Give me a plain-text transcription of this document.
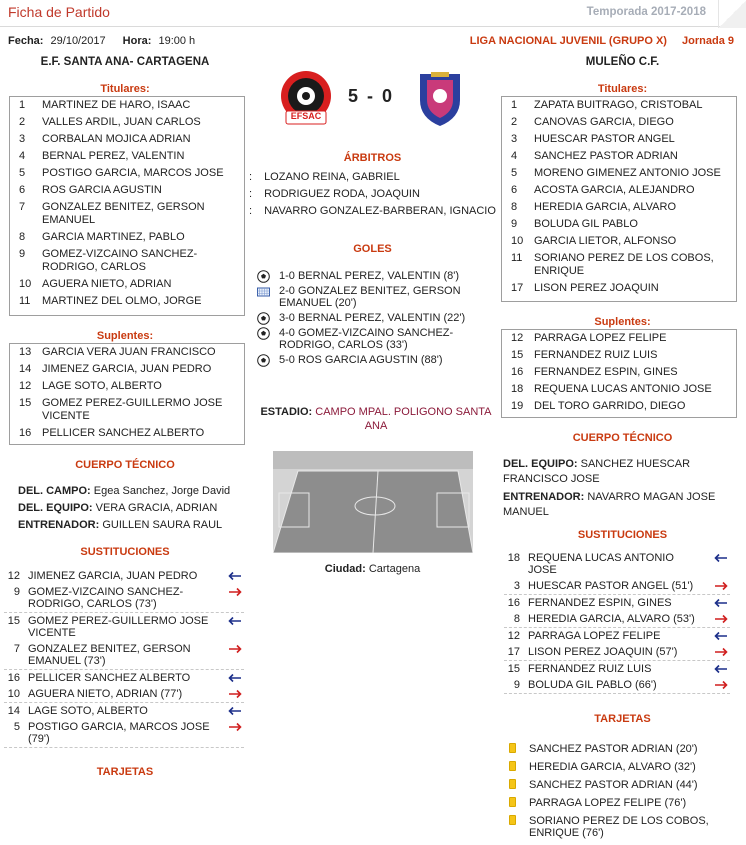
Ficha de Partido	Temporada 2017-2018
Fecha: 29/10/2017 Hora: 19:00 h	LIGA NACIONAL JUVENIL (GRUPO X) Jornada 9
E.F. SANTA ANA- CARTAGENA	MULEÑO C.F.
EFSAC
5 - 0
Titulares:
1 MARTINEZ DE HARO, ISAAC
2 VALLES ARDIL, JUAN CARLOS
3 CORBALAN MOJICA ADRIAN
4 BERNAL PEREZ, VALENTIN
5 POSTIGO GARCIA, MARCOS JOSE
6 ROS GARCIA AGUSTIN
7 GONZALEZ BENITEZ, GERSON EMANUEL
8 GARCIA MARTINEZ, PABLO
9 GOMEZ-VIZCAINO SANCHEZ-RODRIGO, CARLOS
10 AGUERA NIETO, ADRIAN
11 MARTINEZ DEL OLMO, JORGE
Suplentes:
13 GARCIA VERA JUAN FRANCISCO
14 JIMENEZ GARCIA, JUAN PEDRO
12 LAGE SOTO, ALBERTO
15 GOMEZ PEREZ-GUILLERMO JOSE VICENTE
16 PELLICER SANCHEZ ALBERTO
CUERPO TÉCNICO
DEL. CAMPO: Egea Sanchez, Jorge David
DEL. EQUIPO: VERA GRACIA, ADRIAN
ENTRENADOR: GUILLEN SAURA RAUL
SUSTITUCIONES
12 JIMENEZ GARCIA, JUAN PEDRO
9 GOMEZ-VIZCAINO SANCHEZ-RODRIGO, CARLOS (73')
15 GOMEZ PEREZ-GUILLERMO JOSE VICENTE
7 GONZALEZ BENITEZ, GERSON EMANUEL (73')
16 PELLICER SANCHEZ ALBERTO
10 AGUERA NIETO, ADRIAN (77')
14 LAGE SOTO, ALBERTO
5 POSTIGO GARCIA, MARCOS JOSE (79')
TARJETAS
ÁRBITROS
: LOZANO REINA, GABRIEL
: RODRIGUEZ RODA, JOAQUIN
: NAVARRO GONZALEZ-BARBERAN, IGNACIO
GOLES
1-0 BERNAL PEREZ, VALENTIN (8')
2-0 GONZALEZ BENITEZ, GERSON EMANUEL (20')
3-0 BERNAL PEREZ, VALENTIN (22')
4-0 GOMEZ-VIZCAINO SANCHEZ-RODRIGO, CARLOS (33')
5-0 ROS GARCIA AGUSTIN (88')
ESTADIO: CAMPO MPAL. POLIGONO SANTA ANA
Ciudad: Cartagena
Titulares:
1 ZAPATA BUITRAGO, CRISTOBAL
2 CANOVAS GARCIA, DIEGO
3 HUESCAR PASTOR ANGEL
4 SANCHEZ PASTOR ADRIAN
5 MORENO GIMENEZ ANTONIO JOSE
6 ACOSTA GARCIA, ALEJANDRO
8 HEREDIA GARCIA, ALVARO
9 BOLUDA GIL PABLO
10 GARCIA LIETOR, ALFONSO
11 SORIANO PEREZ DE LOS COBOS, ENRIQUE
17 LISON PEREZ JOAQUIN
Suplentes:
12 PARRAGA LOPEZ FELIPE
15 FERNANDEZ RUIZ LUIS
16 FERNANDEZ ESPIN, GINES
18 REQUENA LUCAS ANTONIO JOSE
19 DEL TORO GARRIDO, DIEGO
CUERPO TÉCNICO
DEL. EQUIPO: SANCHEZ HUESCAR FRANCISCO JOSE
ENTRENADOR: NAVARRO MAGAN JOSE MANUEL
SUSTITUCIONES
18 REQUENA LUCAS ANTONIO JOSE
3 HUESCAR PASTOR ANGEL (51')
16 FERNANDEZ ESPIN, GINES
8 HEREDIA GARCIA, ALVARO (53')
12 PARRAGA LOPEZ FELIPE
17 LISON PEREZ JOAQUIN (57')
15 FERNANDEZ RUIZ LUIS
9 BOLUDA GIL PABLO (66')
TARJETAS
SANCHEZ PASTOR ADRIAN (20')
HEREDIA GARCIA, ALVARO (32')
SANCHEZ PASTOR ADRIAN (44')
PARRAGA LOPEZ FELIPE (76')
SORIANO PEREZ DE LOS COBOS, ENRIQUE (76')
